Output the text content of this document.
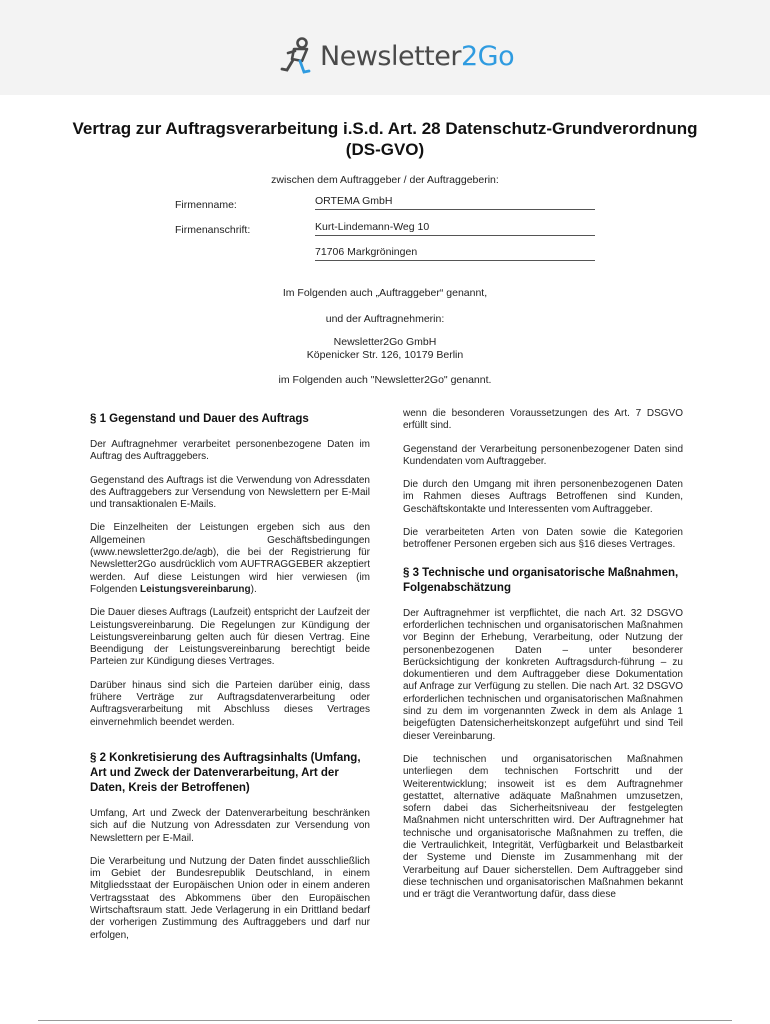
Newsletter2Go
Vertrag zur Auftragsverarbeitung i.S.d. Art. 28 Datenschutz-Grundverordnung (DS-GVO)
zwischen dem Auftraggeber / der Auftraggeberin:
Firmenname:	ORTEMA GmbH
Firmenanschrift:	Kurt-Lindemann-Weg 10
71706 Markgröningen
Im Folgenden auch „Auftraggeber“ genannt,
und der Auftragnehmerin:
Newsletter2Go GmbH
Köpenicker Str. 126, 10179 Berlin
im Folgenden auch "Newsletter2Go" genannt.
§ 1 Gegenstand und Dauer des Auftrags

Der Auftragnehmer verarbeitet personenbezogene Daten im Auftrag des Auftraggebers.

Gegenstand des Auftrags ist die Verwendung von Adressdaten des Auftraggebers zur Versendung von Newslettern per E-Mail und transaktionalen E-Mails.

Die Einzelheiten der Leistungen ergeben sich aus den Allgemeinen Geschäftsbedingungen (www.newsletter2go.de/agb), die bei der Registrierung für Newsletter2Go ausdrücklich vom AUFTRAGGEBER akzeptiert werden. Auf diese Leistungen wird hier verwiesen (im Folgenden Leistungsvereinbarung).

Die Dauer dieses Auftrags (Laufzeit) entspricht der Laufzeit der Leistungsvereinbarung. Die Regelungen zur Kündigung der Leistungsvereinbarung gelten auch für diesen Vertrag. Eine Beendigung der Leistungsvereinbarung berechtigt beide Parteien zur Kündigung dieses Vertrages.

Darüber hinaus sind sich die Parteien darüber einig, dass frühere Verträge zur Auftragsdatenverarbeitung oder Auftragsverarbeitung mit Abschluss dieses Vertrages einvernehmlich beendet werden.

§ 2 Konkretisierung des Auftragsinhalts (Umfang, Art und Zweck der Datenverarbeitung, Art der Daten, Kreis der Betroffenen)

Umfang, Art und Zweck der Datenverarbeitung beschränken sich auf die Nutzung von Adressdaten zur Versendung von Newslettern per E-Mail.

Die Verarbeitung und Nutzung der Daten findet ausschließlich im Gebiet der Bundesrepublik Deutschland, in einem Mitgliedsstaat der Europäischen Union oder in einem anderen Vertragsstaat des Abkommens über den Europäischen Wirtschaftsraum statt. Jede Verlagerung in ein Drittland bedarf der vorherigen Zustimmung des Auftraggebers und darf nur erfolgen,

wenn die besonderen Voraussetzungen des Art. 7 DSGVO erfüllt sind.

Gegenstand der Verarbeitung personenbezogener Daten sind Kundendaten vom Auftraggeber.

Die durch den Umgang mit ihren personenbezogenen Daten im Rahmen dieses Auftrags Betroffenen sind Kunden, Geschäftskontakte und Interessenten vom Auftraggeber.

Die verarbeiteten Arten von Daten sowie die Kategorien betroffener Personen ergeben sich aus §16 dieses Vertrages.

§ 3 Technische und organisatorische Maßnahmen, Folgenabschätzung

Der Auftragnehmer ist verpflichtet, die nach Art. 32 DSGVO erforderlichen technischen und organisatorischen Maßnahmen vor Beginn der Erhebung, Verarbeitung, oder Nutzung der personenbezogenen Daten – unter besonderer Berücksichtigung der konkreten Auftragsdurch-führung – zu dokumentieren und dem Auftraggeber diese Dokumentation auf Anfrage zur Verfügung zu stellen. Die nach Art. 32 DSGVO erforderlichen technischen und organisatorischen Maßnahmen sind zu dem im vorgenannten Zweck in dem als Anlage 1 beigefügten Datensicherheitskonzept aufgeführt und sind Teil dieser Vereinbarung.

Die technischen und organisatorischen Maßnahmen unterliegen dem technischen Fortschritt und der Weiterentwicklung; insoweit ist es dem Auftragnehmer gestattet, alternative adäquate Maßnahmen umzusetzen, sofern dabei das Sicherheitsniveau der festgelegten Maßnahmen nicht unterschritten wird. Der Auftragnehmer hat technische und organisatorische Maßnahmen zu treffen, die die Vertraulichkeit, Integrität, Verfügbarkeit und Belastbarkeit der Systeme und Dienste im Zusammenhang mit der Verarbeitung auf Dauer sicherstellen. Dem Auftraggeber sind diese technischen und organisatorischen Maßnahmen bekannt und er trägt die Verantwortung dafür, dass diese
